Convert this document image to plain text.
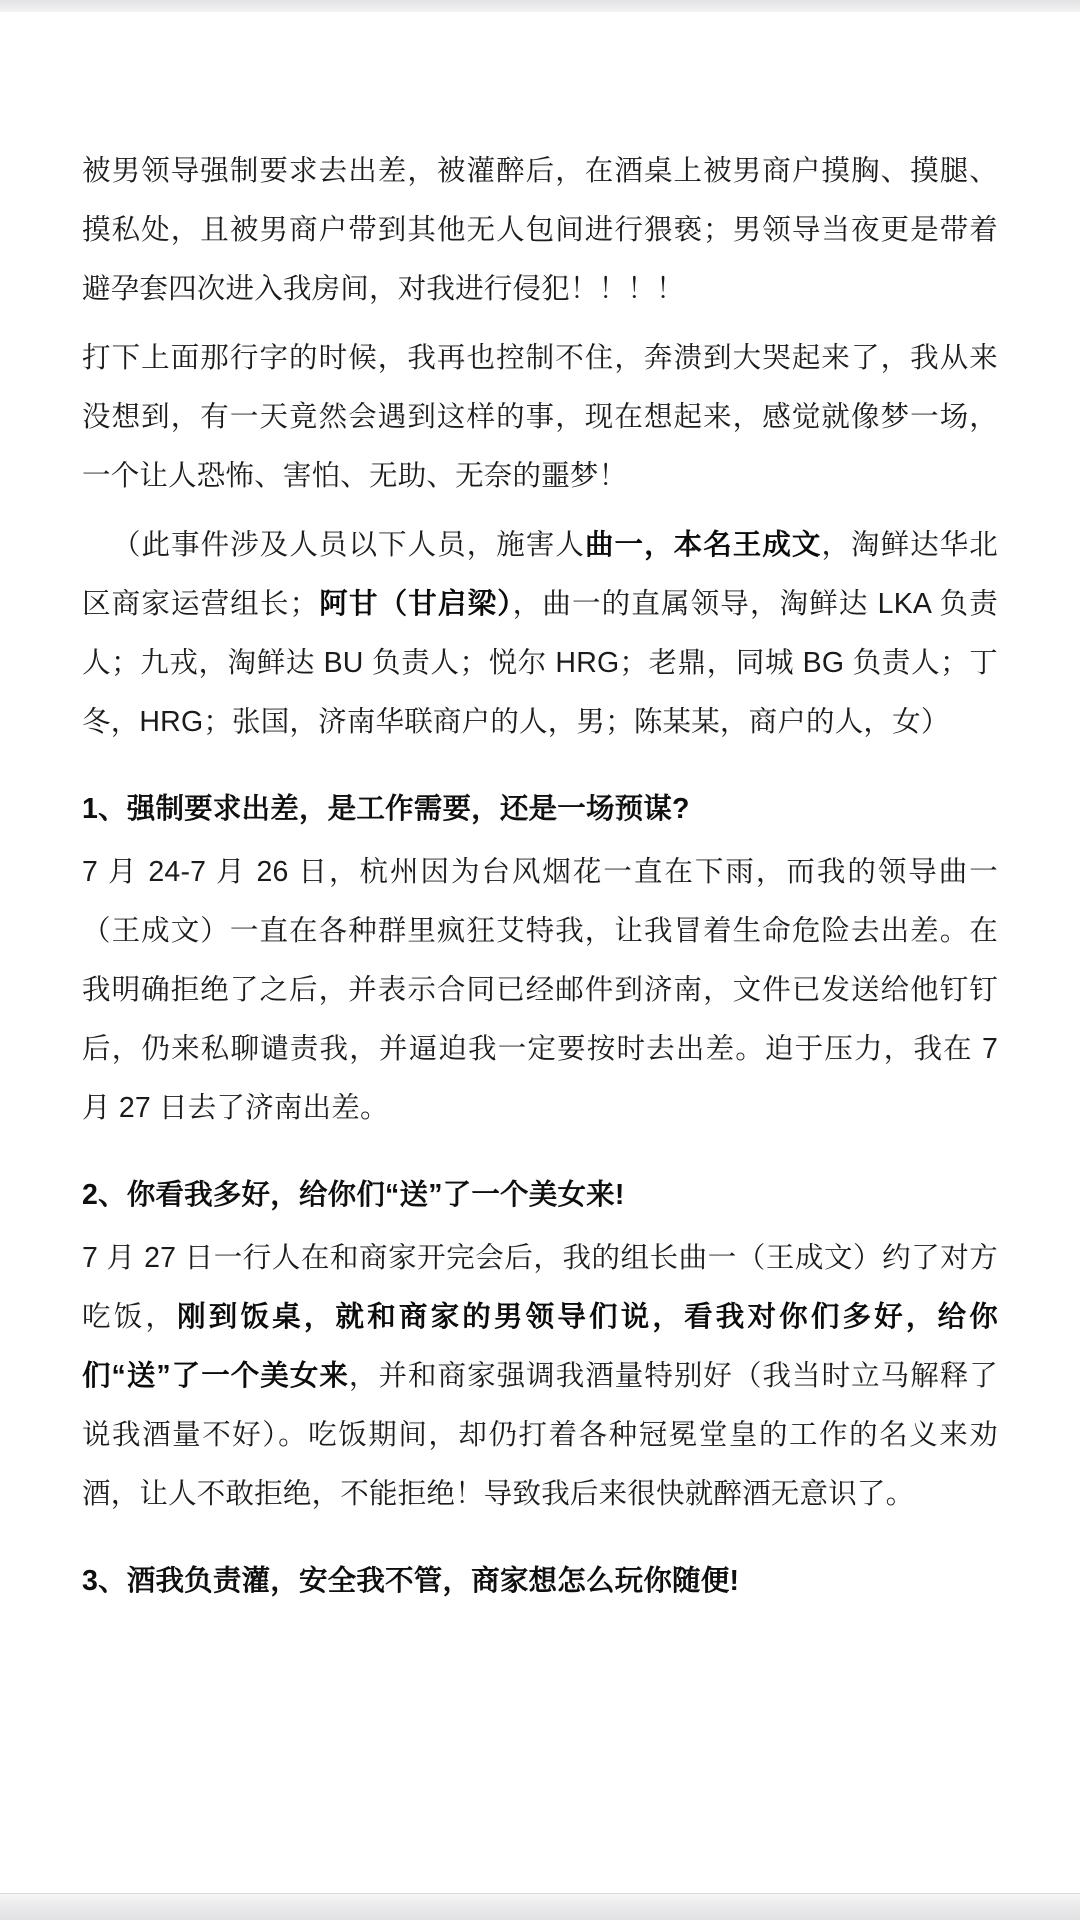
被男领导强制要求去出差，被灌醉后，在酒桌上被男商户摸胸、摸腿、摸私处，且被男商户带到其他无人包间进行猥亵；男领导当夜更是带着避孕套四次进入我房间，对我进行侵犯！！！！

打下上面那行字的时候，我再也控制不住，奔溃到大哭起来了，我从来没想到，有一天竟然会遇到这样的事，现在想起来，感觉就像梦一场，一个让人恐怖、害怕、无助、无奈的噩梦！

（此事件涉及人员以下人员，施害人曲一，本名王成文，淘鲜达华北区商家运营组长；阿甘（甘启梁），曲一的直属领导，淘鲜达 LKA 负责人；九戎，淘鲜达 BU 负责人；悦尔 HRG；老鼎，同城 BG 负责人；丁冬，HRG；张国，济南华联商户的人，男；陈某某，商户的人，女）

1、强制要求出差，是工作需要，还是一场预谋?

7 月 24-7 月 26 日，杭州因为台风烟花一直在下雨，而我的领导曲一（王成文）一直在各种群里疯狂艾特我，让我冒着生命危险去出差。在我明确拒绝了之后，并表示合同已经邮件到济南，文件已发送给他钉钉后，仍来私聊谴责我，并逼迫我一定要按时去出差。迫于压力，我在 7 月 27 日去了济南出差。

2、你看我多好，给你们“送”了一个美女来!

7 月 27 日一行人在和商家开完会后，我的组长曲一（王成文）约了对方吃饭，刚到饭桌，就和商家的男领导们说，看我对你们多好，给你们“送”了一个美女来，并和商家强调我酒量特别好（我当时立马解释了说我酒量不好）。吃饭期间，却仍打着各种冠冕堂皇的工作的名义来劝酒，让人不敢拒绝，不能拒绝！导致我后来很快就醉酒无意识了。

3、酒我负责灌，安全我不管，商家想怎么玩你随便!
